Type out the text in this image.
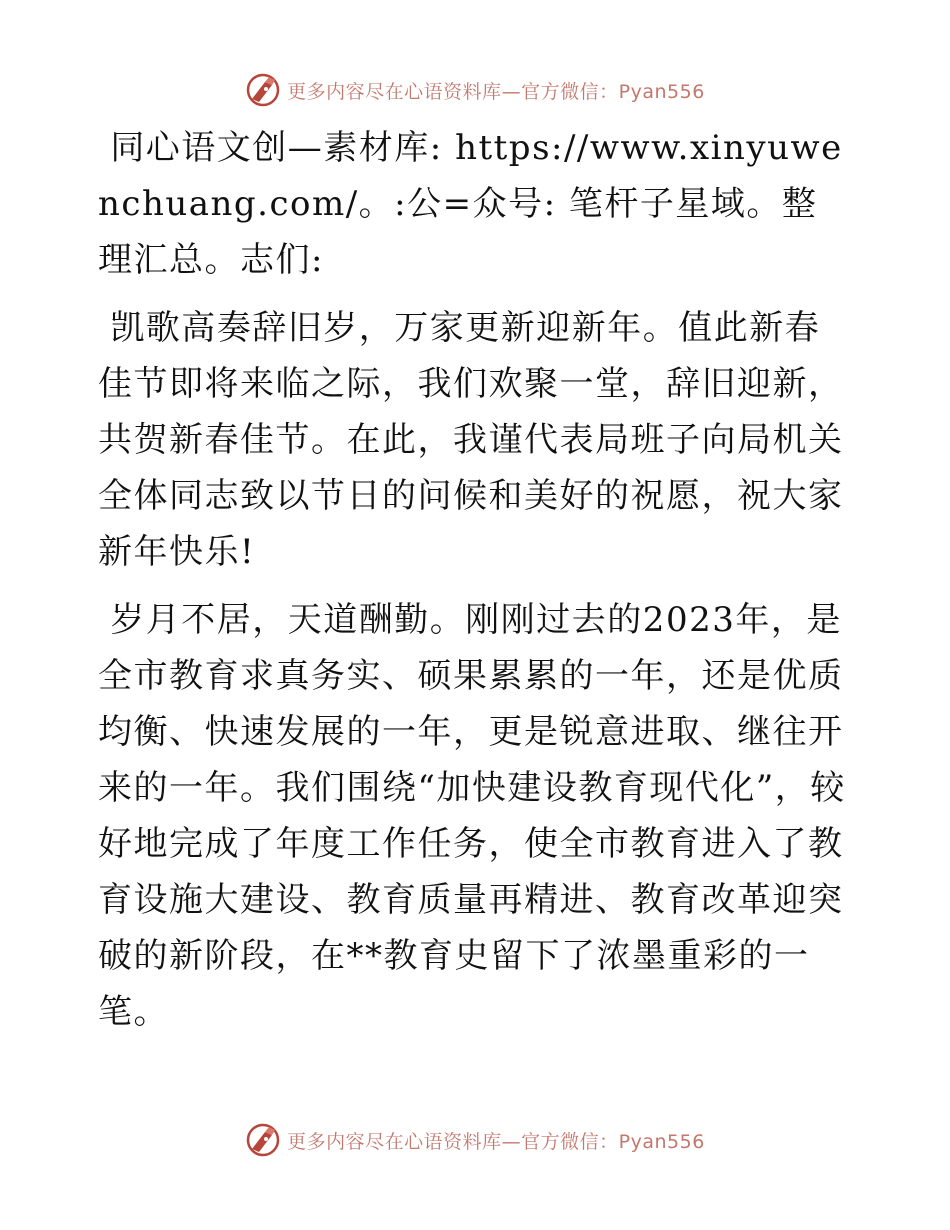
更多内容尽在心语资料库—官方微信：Pyan556

同心语文创—素材库: https://www.xinyuwenchuang.com/。:公=众号: 笔杆子星域。整理汇总。志们:

凯歌高奏辞旧岁，万家更新迎新年。值此新春佳节即将来临之际，我们欢聚一堂，辞旧迎新，共贺新春佳节。在此，我谨代表局班子向局机关全体同志致以节日的问候和美好的祝愿，祝大家新年快乐!

岁月不居，天道酬勤。刚刚过去的2023年，是全市教育求真务实、硕果累累的一年，还是优质均衡、快速发展的一年，更是锐意进取、继往开来的一年。我们围绕“加快建设教育现代化”，较好地完成了年度工作任务，使全市教育进入了教育设施大建设、教育质量再精进、教育改革迎突破的新阶段，在**教育史留下了浓墨重彩的一笔。

更多内容尽在心语资料库—官方微信：Pyan556
